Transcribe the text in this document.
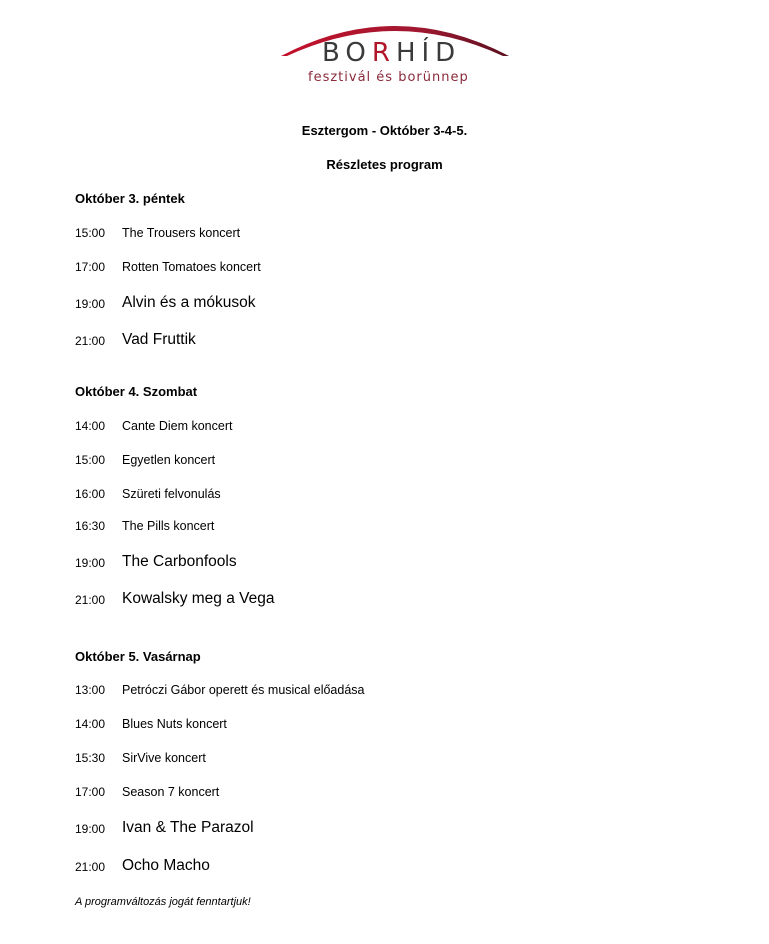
BORHÍD
fesztivál és borünnep
Esztergom - Október 3-4-5.
Részletes program
Október 3. péntek
15:00	The Trousers koncert
17:00	Rotten Tomatoes koncert
19:00	Alvin és a mókusok
21:00	Vad Fruttik
Október 4. Szombat
14:00	Cante Diem koncert
15:00	Egyetlen koncert
16:00	Szüreti felvonulás
16:30	The Pills koncert
19:00	The Carbonfools
21:00	Kowalsky meg a Vega
Október 5. Vasárnap
13:00	Petróczi Gábor operett és musical előadása
14:00	Blues Nuts koncert
15:30	SirVive koncert
17:00	Season 7 koncert
19:00	Ivan & The Parazol
21:00	Ocho Macho
A programváltozás jogát fenntartjuk!
